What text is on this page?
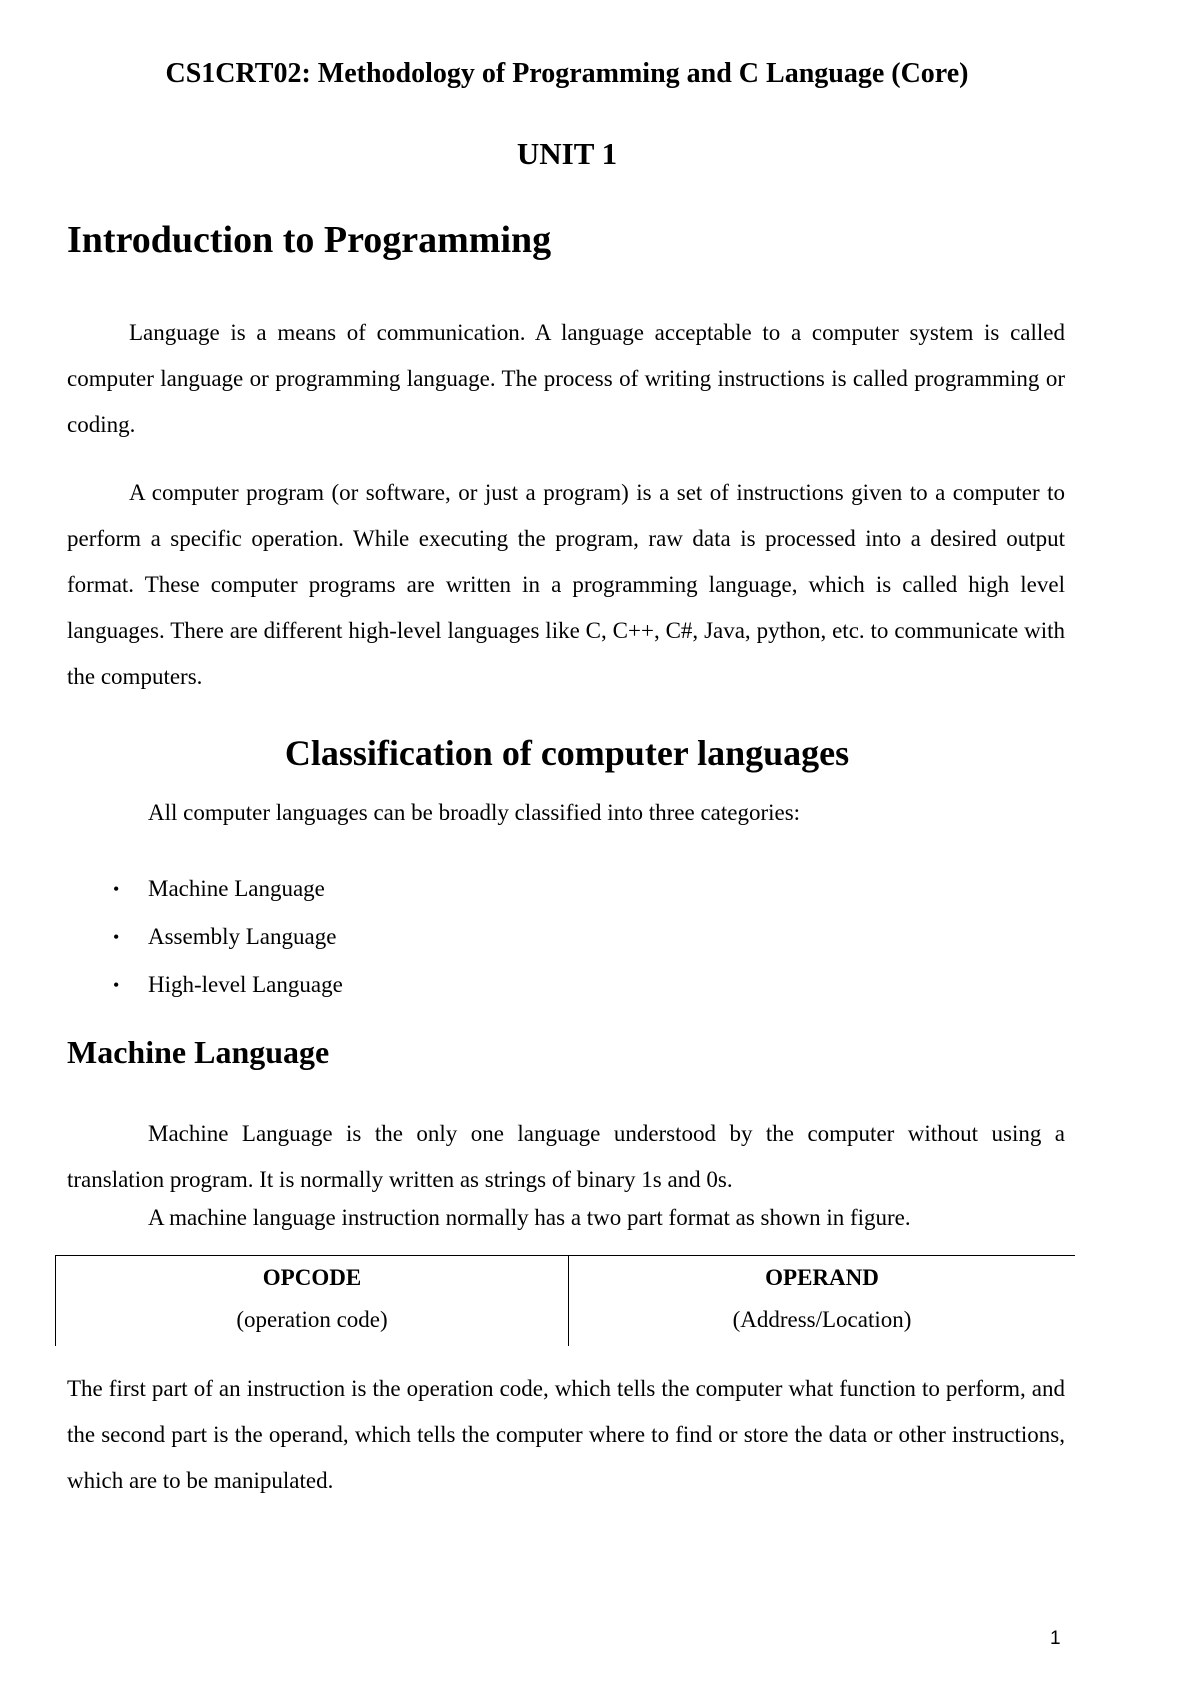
CS1CRT02: Methodology of Programming and C Language (Core)
UNIT 1
Introduction to Programming

Language is a means of communication. A language acceptable to a computer system is called computer language or programming language. The process of writing instructions is called programming or coding.

A computer program (or software, or just a program) is a set of instructions given to a computer to perform a specific operation. While executing the program, raw data is processed into a desired output format. These computer programs are written in a programming language, which is called high level languages. There are different high-level languages like C, C++, C#, Java, python, etc. to communicate with the computers.

Classification of computer languages

All computer languages can be broadly classified into three categories:

• Machine Language
• Assembly Language
• High-level Language
Machine Language

Machine Language is the only one language understood by the computer without using a translation program. It is normally written as strings of binary 1s and 0s.

A machine language instruction normally has a two part format as shown in figure.

OPCODE
(operation code)
OPERAND
(Address/Location)

The first part of an instruction is the operation code, which tells the computer what function to perform, and the second part is the operand, which tells the computer where to find or store the data or other instructions, which are to be manipulated.

1
